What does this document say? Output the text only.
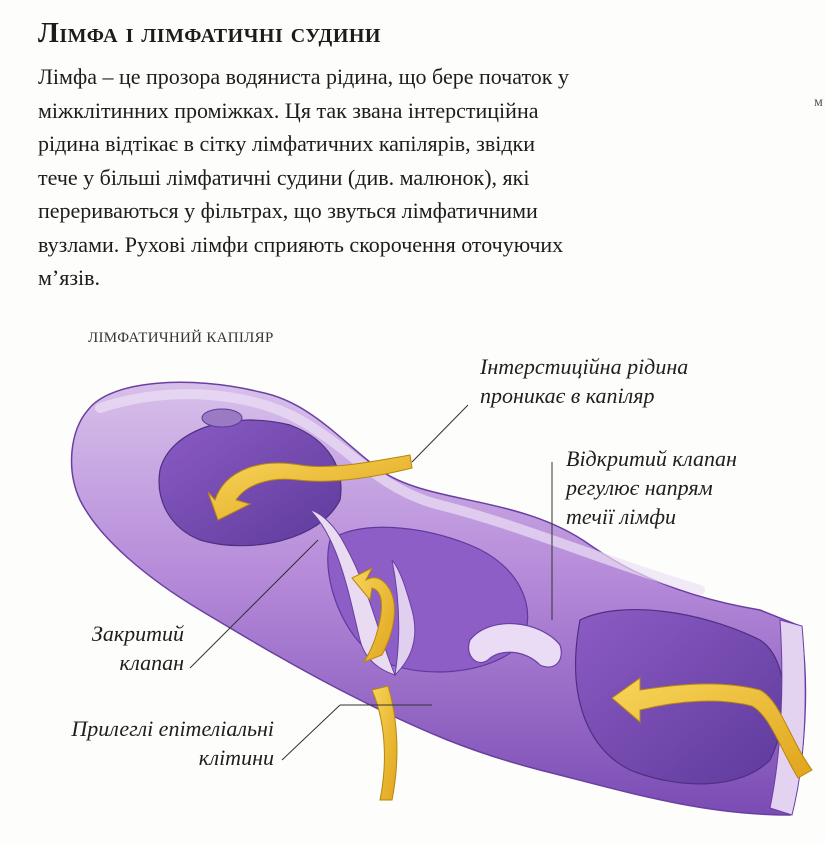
Лімфа і лімфатичні судини
Лімфа – це прозора водяниста рідина, що бере початок у
міжклітинних проміжках. Ця так звана інтерстиційна
рідина відтікає в сітку лімфатичних капілярів, звідки
тече у більші лімфатичні судини (див. малюнок), які
перериваються у фільтрах, що звуться лімфатичними
вузлами. Рухові лімфи сприяють скорочення оточуючих
м’язів.
м
ЛІМФАТИЧНИЙ КАПІЛЯР
Інтерстиційна рідина
проникає в капіляр
Відкритий клапан
регулює напрям
течії лімфи
Закритий
клапан
Прилеглі епітеліальні
клітини
